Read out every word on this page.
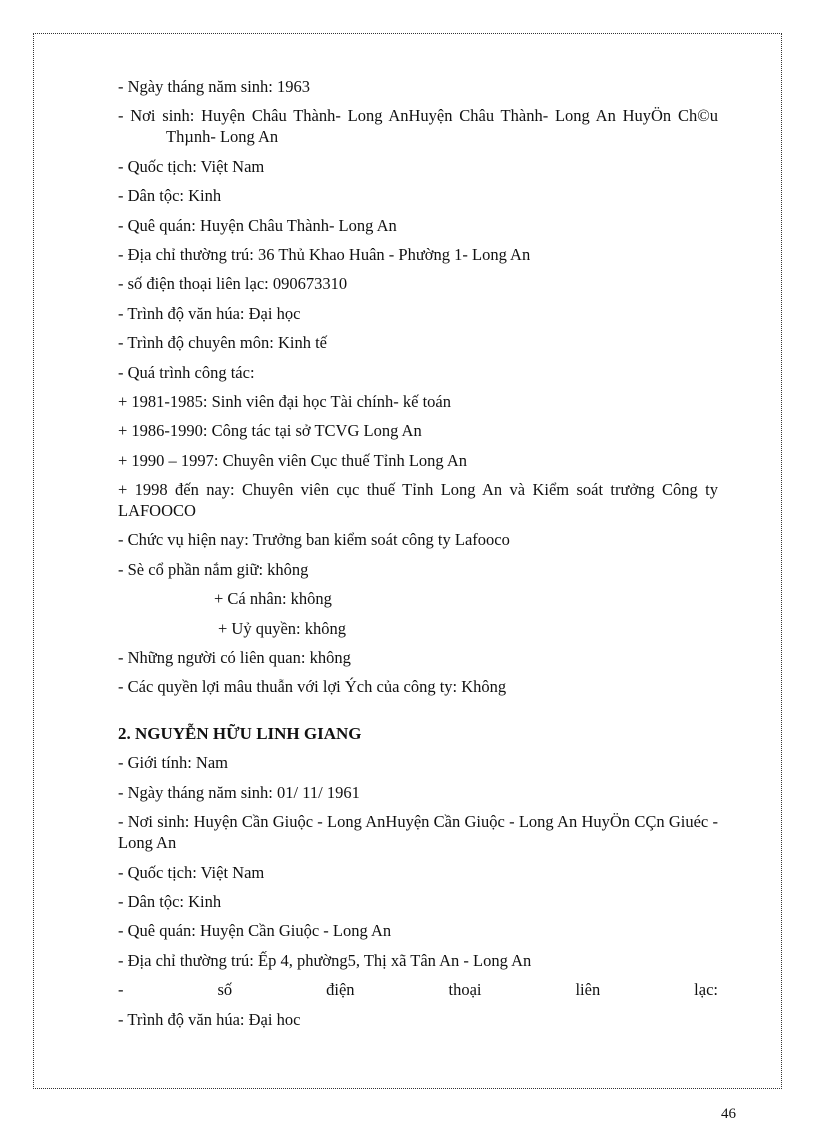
- Ngày tháng năm sinh: 1963
- Nơi sinh: Huyện Châu Thành- Long AnHuyện Châu Thành- Long An HuyÖn Ch©u Thµnh- Long An
- Quốc tịch: Việt Nam
- Dân tộc: Kinh
- Quê quán: Huyện Châu Thành- Long An
- Địa chỉ thường trú: 36 Thủ Khao Huân - Phường 1- Long An
- số điện thoại liên lạc: 090673310
- Trình độ văn húa: Đại học
- Trình độ chuyên môn: Kinh tế
- Quá trình công tác:
+ 1981-1985: Sinh viên đại học Tài chính- kế toán
+ 1986-1990: Công tác tại sở TCVG Long An
+ 1990 – 1997: Chuyên viên Cục thuế Tỉnh Long An
+ 1998 đến nay: Chuyên viên cục thuế Tỉnh Long An và Kiểm soát trưởng Công ty LAFOOCO
- Chức vụ hiện nay: Trưởng ban kiểm soát công ty Lafooco
- Sè cổ phần nắm giữ: không
+ Cá nhân: không
+ Uỷ quyền: không
- Những người có liên quan: không
- Các quyền lợi mâu thuẫn với lợi Ých của công ty: Không
2. NGUYỄN HỮU LINH GIANG
- Giới tính: Nam
- Ngày tháng năm sinh: 01/ 11/ 1961
- Nơi sinh: Huyện Cần Giuộc - Long AnHuyện Cần Giuộc - Long An HuyÖn CÇn Giuéc - Long An
- Quốc tịch: Việt Nam
- Dân tộc: Kinh
- Quê quán: Huyện Cần Giuộc - Long An
- Địa chỉ thường trú: Ếp 4, phường5, Thị xã Tân An - Long An
- số điện thoại liên lạc:
- Trình độ văn húa: Đại hoc
46
